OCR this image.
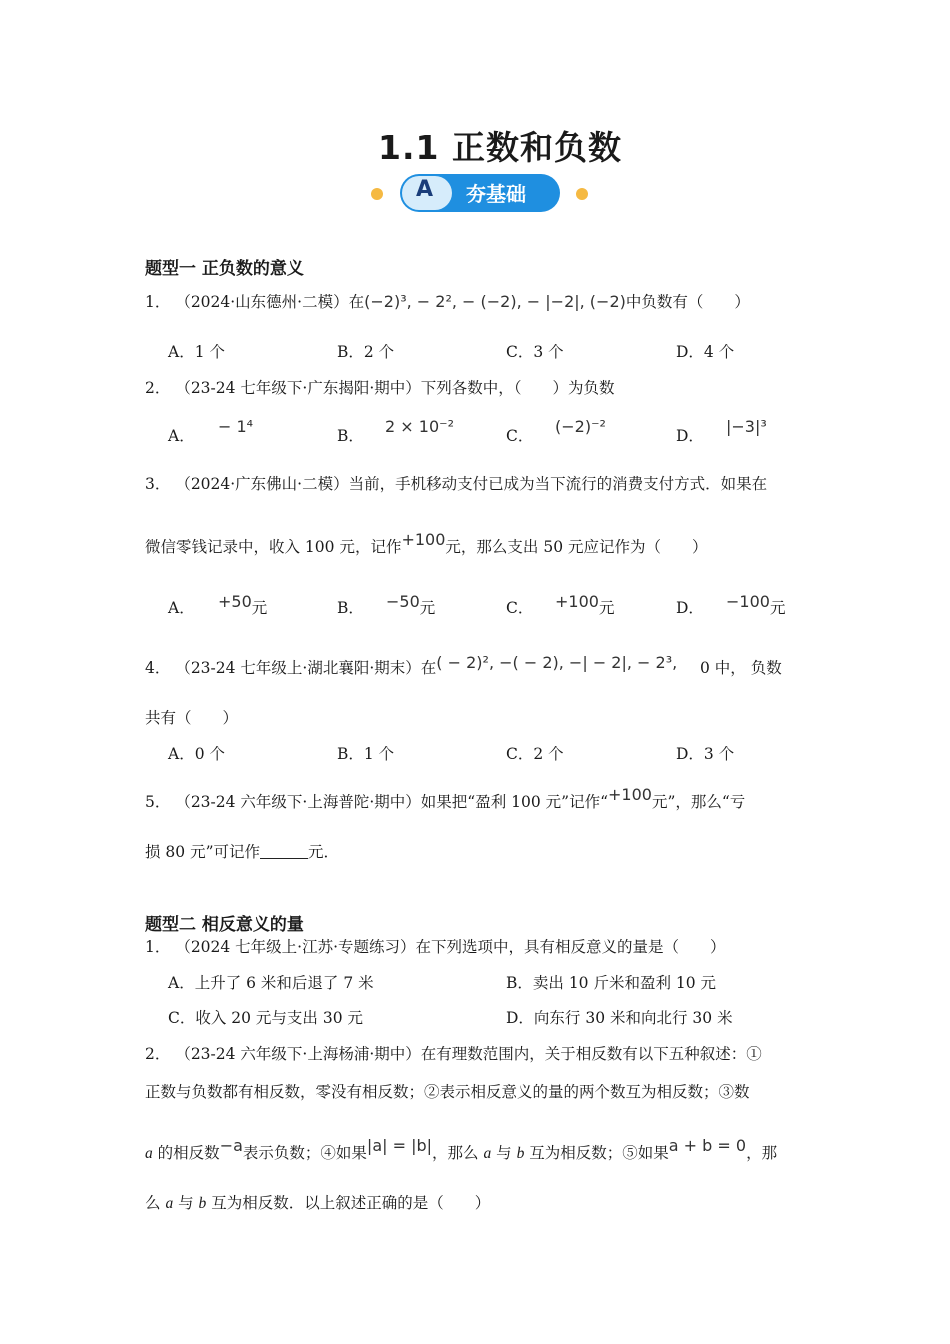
1.1 正数和负数
A 夯基础
题型一 正负数的意义
1． （2024·山东德州·二模）在(−2)³, − 2², − (−2), − |−2|, (−2)中负数有（　　）
A．1 个	B．2 个	C．3 个	D．4 个
2． （23-24 七年级下·广东揭阳·期中）下列各数中，（　　）为负数
A． − 1⁴	B． 2 × 10⁻²	C． (−2)⁻²	D． |−3|³
3． （2024·广东佛山·二模）当前，手机移动支付已成为当下流行的消费支付方式．如果在
微信零钱记录中，收入 100 元，记作+100元，那么支出 50 元应记作为（　　）
A． +50元	B． −50元	C． +100元	D． −100元
4． （23-24 七年级上·湖北襄阳·期末）在( − 2)², −( − 2), −| − 2|, − 2³, 0 中， 负数
共有（　　）
A．0 个	B．1 个	C．2 个	D．3 个
5． （23-24 六年级下·上海普陀·期中）如果把“盈利 100 元”记作“+100元”，那么“亏
损 80 元”可记作	元．
题型二 相反意义的量
1． （2024 七年级上·江苏·专题练习）在下列选项中，具有相反意义的量是（　　）
A．上升了 6 米和后退了 7 米	B．卖出 10 斤米和盈利 10 元
C．收入 20 元与支出 30 元	D．向东行 30 米和向北行 30 米
2． （23-24 六年级下·上海杨浦·期中）在有理数范围内，关于相反数有以下五种叙述：①
正数与负数都有相反数，零没有相反数；②表示相反意义的量的两个数互为相反数；③数
a 的相反数−a表示负数；④如果|a| = |b|，那么 a 与 b 互为相反数；⑤如果a + b = 0，那
么 a 与 b 互为相反数．以上叙述正确的是（　　）
